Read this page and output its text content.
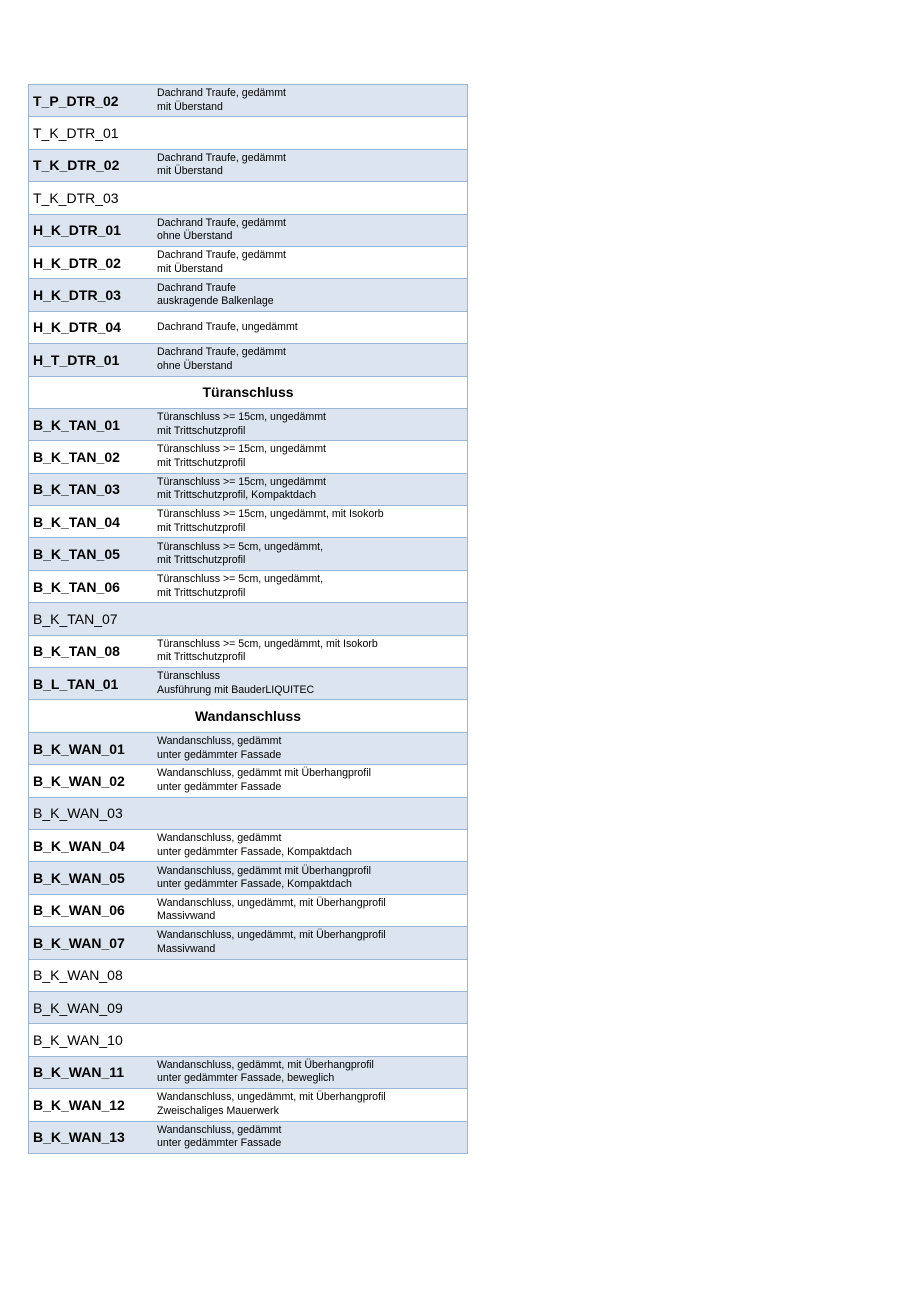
T_P_DTR_02	Dachrand Traufe, gedämmt
mit Überstand
T_K_DTR_01
T_K_DTR_02	Dachrand Traufe, gedämmt
mit Überstand
T_K_DTR_03
H_K_DTR_01	Dachrand Traufe, gedämmt
ohne Überstand
H_K_DTR_02	Dachrand Traufe, gedämmt
mit Überstand
H_K_DTR_03	Dachrand Traufe
auskragende Balkenlage
H_K_DTR_04	Dachrand Traufe, ungedämmt
H_T_DTR_01	Dachrand Traufe, gedämmt
ohne Überstand
Türanschluss
B_K_TAN_01	Türanschluss >= 15cm, ungedämmt
mit Trittschutzprofil
B_K_TAN_02	Türanschluss >= 15cm, ungedämmt
mit Trittschutzprofil
B_K_TAN_03	Türanschluss >= 15cm, ungedämmt
mit Trittschutzprofil, Kompaktdach
B_K_TAN_04	Türanschluss >= 15cm, ungedämmt, mit Isokorb
mit Trittschutzprofil
B_K_TAN_05	Türanschluss >= 5cm, ungedämmt,
mit Trittschutzprofil
B_K_TAN_06	Türanschluss >= 5cm, ungedämmt,
mit Trittschutzprofil
B_K_TAN_07
B_K_TAN_08	Türanschluss >= 5cm, ungedämmt, mit Isokorb
mit Trittschutzprofil
B_L_TAN_01	Türanschluss
Ausführung mit BauderLIQUITEC
Wandanschluss
B_K_WAN_01	Wandanschluss, gedämmt
unter gedämmter Fassade
B_K_WAN_02	Wandanschluss, gedämmt mit Überhangprofil
unter gedämmter Fassade
B_K_WAN_03
B_K_WAN_04	Wandanschluss, gedämmt
unter gedämmter Fassade, Kompaktdach
B_K_WAN_05	Wandanschluss, gedämmt mit Überhangprofil
unter gedämmter Fassade, Kompaktdach
B_K_WAN_06	Wandanschluss, ungedämmt, mit Überhangprofil
Massivwand
B_K_WAN_07	Wandanschluss, ungedämmt, mit Überhangprofil
Massivwand
B_K_WAN_08
B_K_WAN_09
B_K_WAN_10
B_K_WAN_11	Wandanschluss, gedämmt, mit Überhangprofil
unter gedämmter Fassade, beweglich
B_K_WAN_12	Wandanschluss, ungedämmt, mit Überhangprofil
Zweischaliges Mauerwerk
B_K_WAN_13	Wandanschluss, gedämmt
unter gedämmter Fassade
